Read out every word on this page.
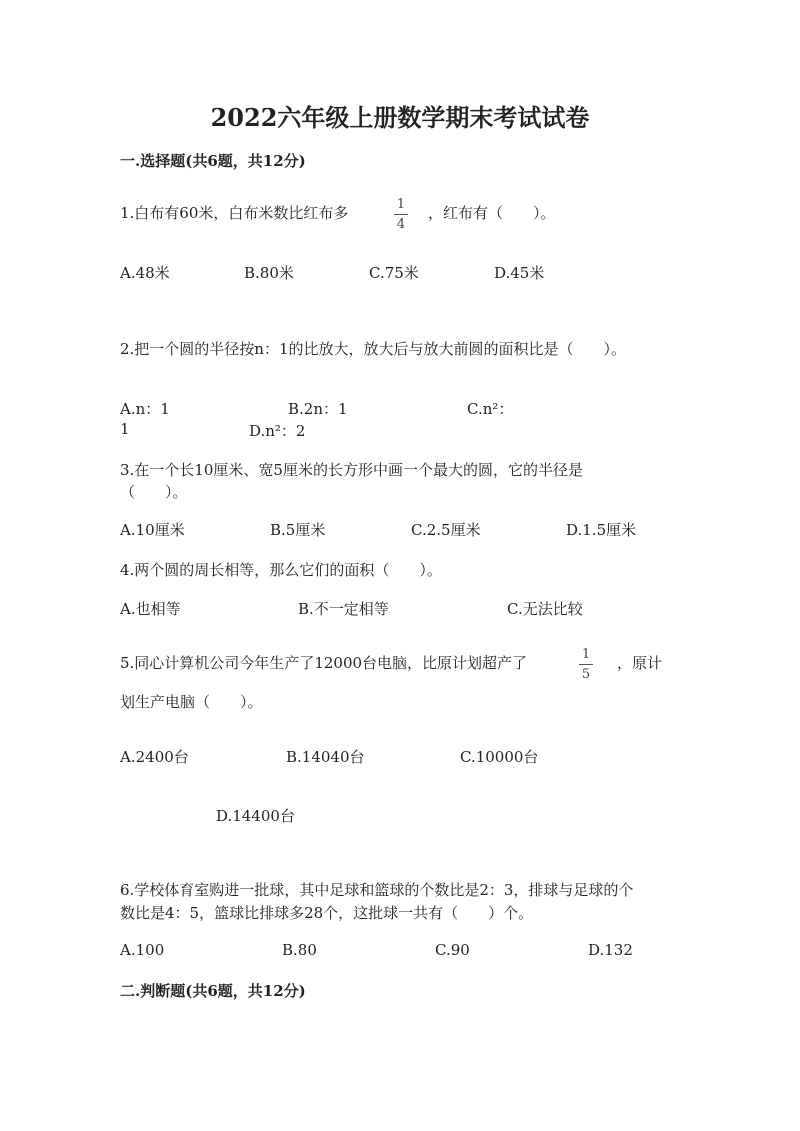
2022六年级上册数学期末考试试卷
一.选择题(共6题，共12分)
1.白布有60米，白布米数比红布多	1
4
，红布有（　　）。
A.48米	B.80米	C.75米	D.45米
2.把一个圆的半径按n：1的比放大，放大后与放大前圆的面积比是（　　）。
A.n：1	B.2n：1	C.n²：
1	D.n²：2
3.在一个长10厘米、宽5厘米的长方形中画一个最大的圆，它的半径是
（　　）。
A.10厘米	B.5厘米	C.2.5厘米	D.1.5厘米
4.两个圆的周长相等，那么它们的面积（　　）。
A.也相等	B.不一定相等	C.无法比较
5.同心计算机公司今年生产了12000台电脑，比原计划超产了	1
5
，原计
划生产电脑（　　）。
A.2400台	B.14040台	C.10000台
D.14400台
6.学校体育室购进一批球，其中足球和篮球的个数比是2：3，排球与足球的个
数比是4：5，篮球比排球多28个，这批球一共有（　　）个。
A.100	B.80	C.90	D.132
二.判断题(共6题，共12分)
